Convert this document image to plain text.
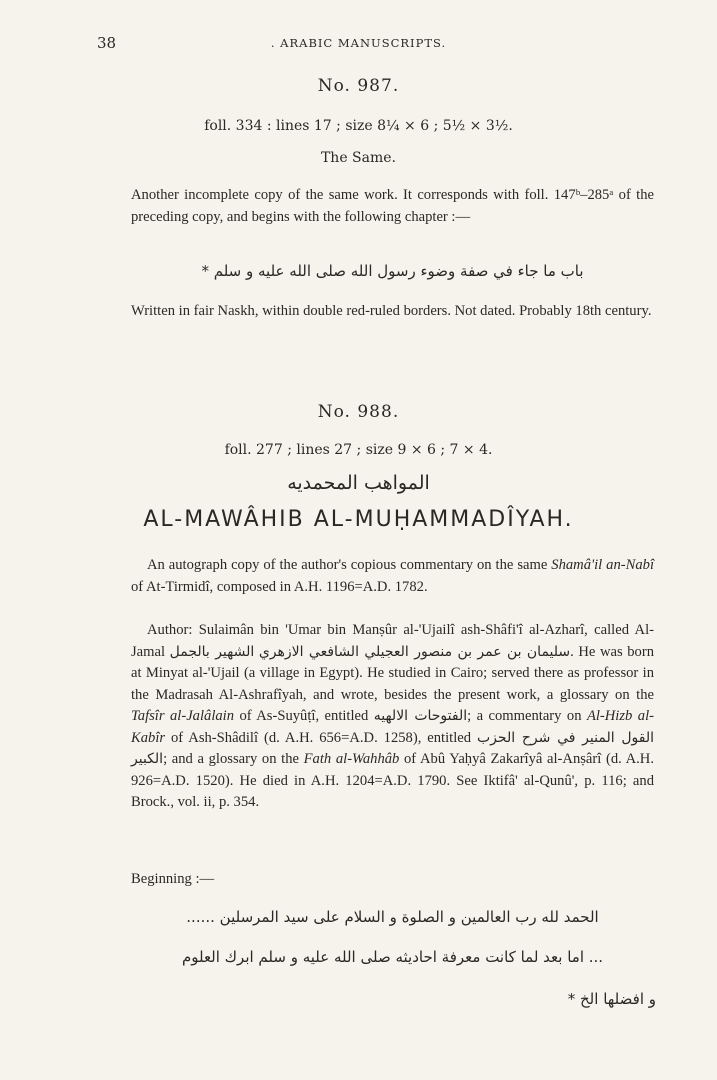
38	. ARABIC MANUSCRIPTS.
No. 987.
foll. 334 : lines 17 ; size 8¼ × 6 ; 5½ × 3½.
The Same.
Another incomplete copy of the same work. It corresponds with foll. 147ᵇ–285ᵃ of the preceding copy, and begins with the following chapter :—
باب ما جاء في صفة وضوء رسول الله صلى الله عليه و سلم *
Written in fair Naskh, within double red-ruled borders. Not dated. Probably 18th century.
No. 988.
foll. 277 ; lines 27 ; size 9 × 6 ; 7 × 4.
المواهب المحمديه
AL-MAWÂHIB AL-MUḤAMMADÎYAH.
An autograph copy of the author's copious commentary on the same Shamâ'il an-Nabî of At-Tirmidî, composed in A.H. 1196=A.D. 1782.
Author: Sulaimân bin 'Umar bin Manṣûr al-'Ujailî ash-Shâfi'î al-Azharî, called Al-Jamal	سليمان بن عمر بن منصور العجيلي الشافعي الازهري الشهير بالجمل	. He was born at Minyat al-'Ujail (a village in Egypt). He studied in Cairo; served there as professor in the Madrasah Al-Ashrafîyah, and wrote, besides the present work, a glossary on the Tafsîr al-Jalâlain of As-Suyûṭî, entitled الفتوحات الالهيه; a commentary on Al-Hizb al-Kabîr of Ash-Shâdilî (d. A.H. 656=A.D. 1258), entitled القول المنير في شرح الحزب الكبير; and a glossary on the Fath al-Wahhâb of Abû Yaḥyâ Zakarîyâ al-Anṣârî (d. A.H. 926=A.D. 1520). He died in A.H. 1204=A.D. 1790. See Iktifâ' al-Qunû', p. 116; and Brock., vol. ii, p. 354.
Beginning :—
الحمد لله رب العالمين و الصلوة و السلام على سيد المرسلين ......
... اما بعد لما كانت معرفة احاديثه صلى الله عليه و سلم ابرك العلوم
و افضلها الخ *
